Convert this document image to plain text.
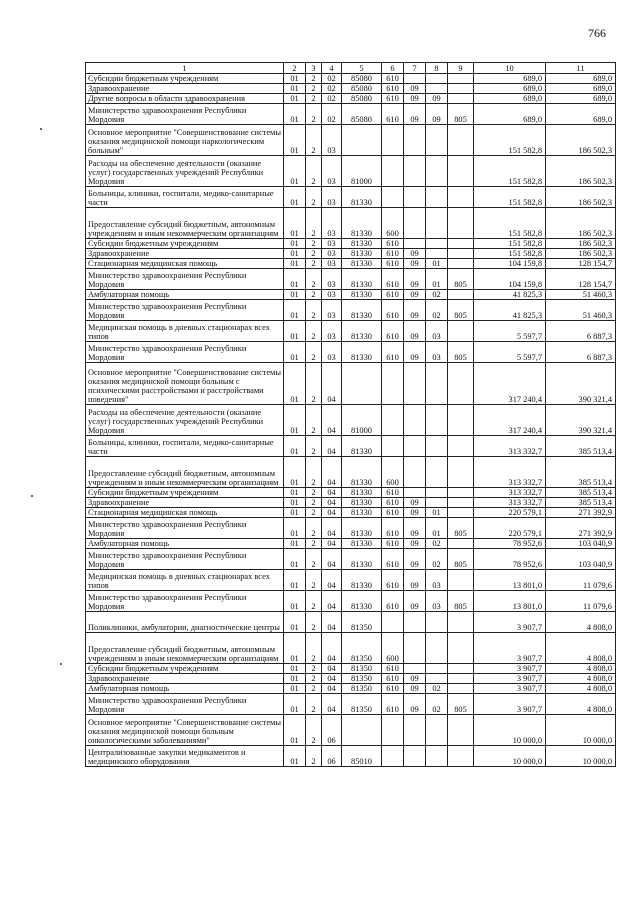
766
1	2	3	4	5	6	7	8	9	10	11
Субсидии бюджетным учреждениям	01	2	02	85080	610				689,0	689,0
Здравоохранение	01	2	02	85080	610	09			689,0	689,0
Другие вопросы в области здравоохранения	01	2	02	85080	610	09	09		689,0	689,0
Министерство здравоохранения Республики Мордовия	01	2	02	85080	610	09	09	805	689,0	689,0
Основное мероприятие "Совершенствование системы оказания медицинской помощи наркологическим больным"	01	2	03						151 582,8	186 502,3
Расходы на обеспечение деятельности (оказание услуг) государственных учреждений Республики Мордовия	01	2	03	81000					151 582,8	186 502,3
Больницы, клиники, госпитали, медико-санитарные части	01	2	03	81330					151 582,8	186 502,3
Предоставление субсидий бюджетным, автономным учреждениям и иным некоммерческим организациям	01	2	03	81330	600				151 582,8	186 502,3
Субсидии бюджетным учреждениям	01	2	03	81330	610				151 582,8	186 502,3
Здравоохранение	01	2	03	81330	610	09			151 582,8	186 502,3
Стационарная медицинская помощь	01	2	03	81330	610	09	01		104 159,8	128 154,7
Министерство здравоохранения Республики Мордовия	01	2	03	81330	610	09	01	805	104 159,8	128 154,7
Амбулаторная помощь	01	2	03	81330	610	09	02		41 825,3	51 460,3
Министерство здравоохранения Республики Мордовия	01	2	03	81330	610	09	02	805	41 825,3	51 460,3
Медицинская помощь в дневных стационарах всех типов	01	2	03	81330	610	09	03		5 597,7	6 887,3
Министерство здравоохранения Республики Мордовия	01	2	03	81330	610	09	03	805	5 597,7	6 887,3
Основное мероприятие "Совершенствование системы оказания медицинской помощи больным с психическими расстройствами и расстройствами поведения"	01	2	04						317 240,4	390 321,4
Расходы на обеспечение деятельности (оказание услуг) государственных учреждений Республики Мордовия	01	2	04	81000					317 240,4	390 321,4
Больницы, клиники, госпитали, медико-санитарные части	01	2	04	81330					313 332,7	385 513,4
Предоставление субсидий бюджетным, автономным учреждениям и иным некоммерческим организациям	01	2	04	81330	600				313 332,7	385 513,4
Субсидии бюджетным учреждениям	01	2	04	81330	610				313 332,7	385 513,4
Здравоохранение	01	2	04	81330	610	09			313 332,7	385 513,4
Стационарная медицинская помощь	01	2	04	81330	610	09	01		220 579,1	271 392,9
Министерство здравоохранения Республики Мордовия	01	2	04	81330	610	09	01	805	220 579,1	271 392,9
Амбулаторная помощь	01	2	04	81330	610	09	02		78 952,6	103 040,9
Министерство здравоохранения Республики Мордовия	01	2	04	81330	610	09	02	805	78 952,6	103 040,9
Медицинская помощь в дневных стационарах всех типов	01	2	04	81330	610	09	03		13 801,0	11 079,6
Министерство здравоохранения Республики Мордовия	01	2	04	81330	610	09	03	805	13 801,0	11 079,6
Поликлиники, амбулатории, диагностические центры	01	2	04	81350					3 907,7	4 808,0
Предоставление субсидий бюджетным, автономным учреждениям и иным некоммерческим организациям	01	2	04	81350	600				3 907,7	4 808,0
Субсидии бюджетным учреждениям	01	2	04	81350	610				3 907,7	4 808,0
Здравоохранение	01	2	04	81350	610	09			3 907,7	4 808,0
Амбулаторная помощь	01	2	04	81350	610	09	02		3 907,7	4 808,0
Министерство здравоохранения Республики Мордовия	01	2	04	81350	610	09	02	805	3 907,7	4 808,0
Основное мероприятие "Совершенствование системы оказания медицинской помощи больным онкологическими заболеваниями"	01	2	06						10 000,0	10 000,0
Централизованные закупки медикаментов и медицинского оборудования	01	2	06	85010					10 000,0	10 000,0
